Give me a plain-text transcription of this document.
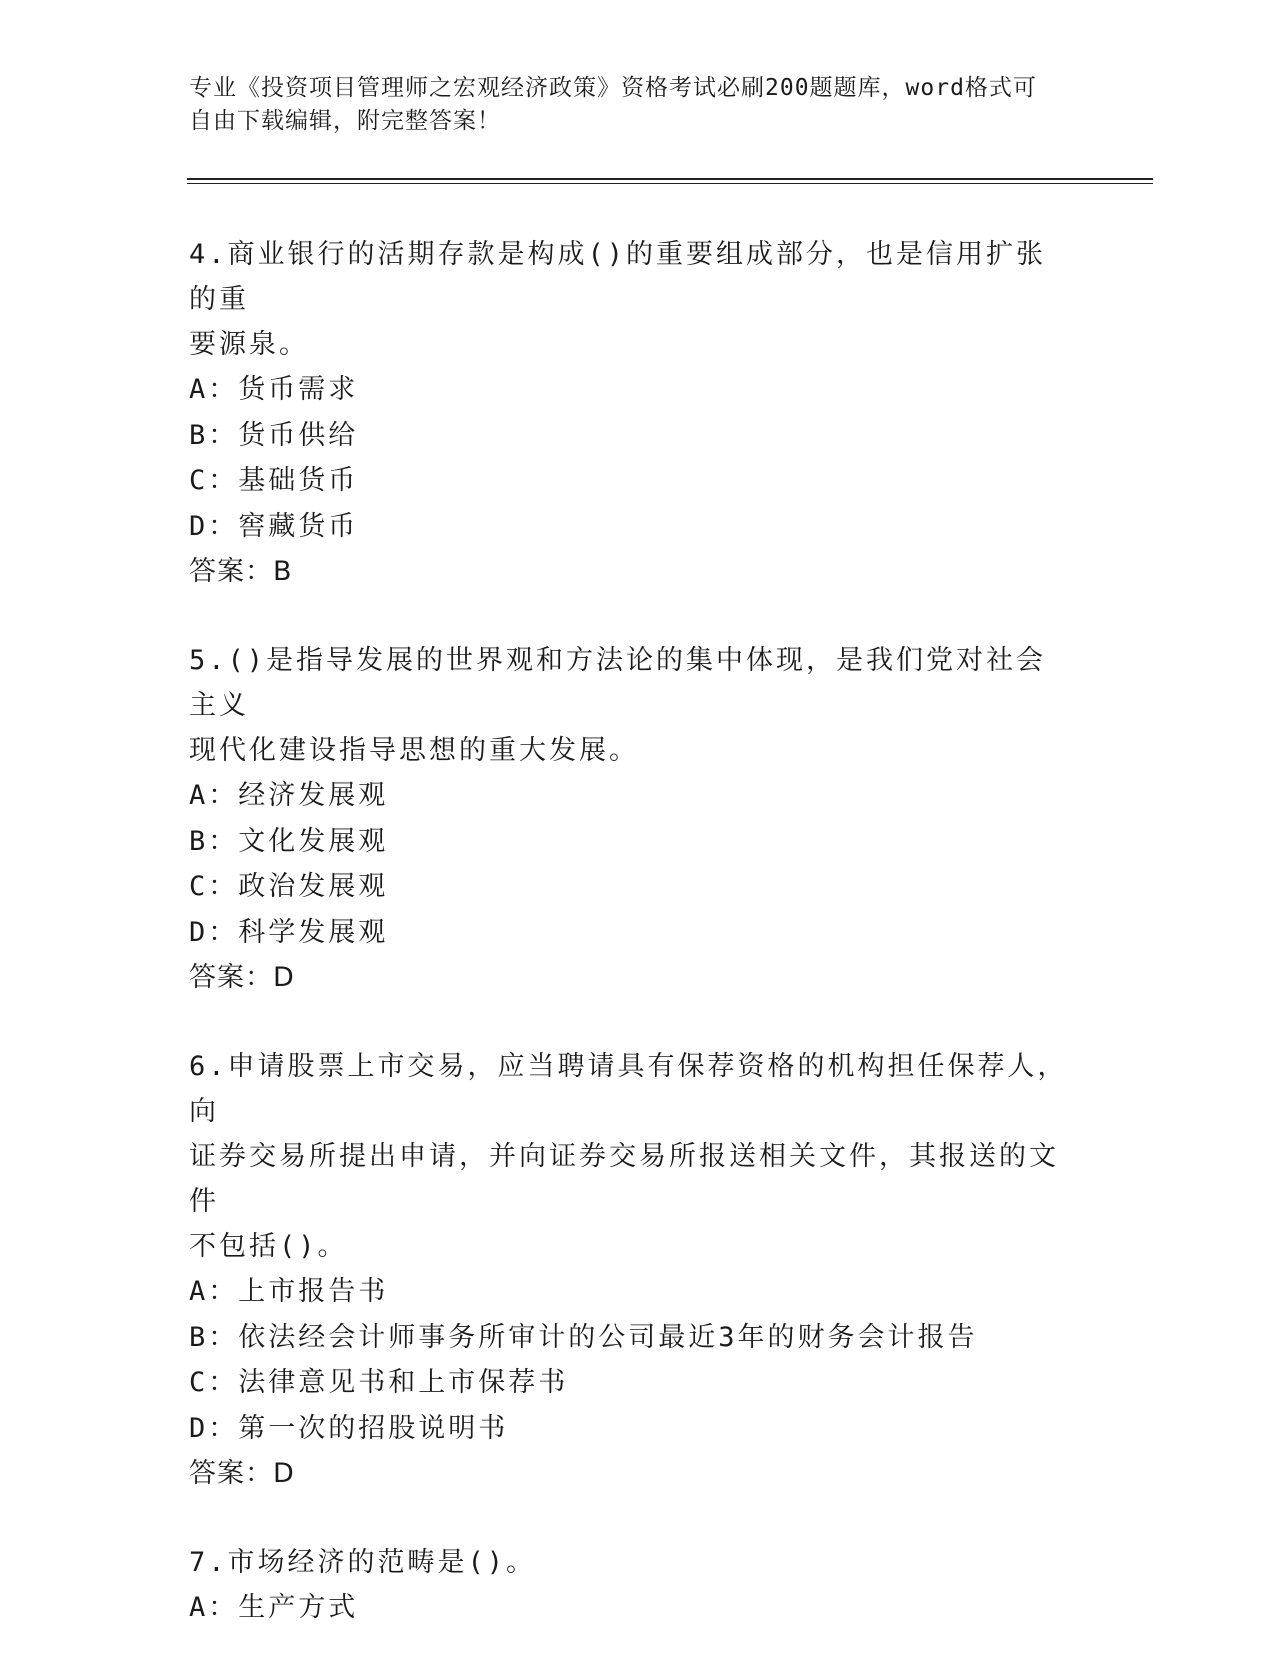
专业《投资项目管理师之宏观经济政策》资格考试必刷200题题库，word格式可
自由下载编辑，附完整答案！
4.商业银行的活期存款是构成()的重要组成部分，也是信用扩张的重
要源泉。
A：货币需求
B：货币供给
C：基础货币
D：窖藏货币
答案：B
5.()是指导发展的世界观和方法论的集中体现，是我们党对社会主义
现代化建设指导思想的重大发展。
A：经济发展观
B：文化发展观
C：政治发展观
D：科学发展观
答案：D
6.申请股票上市交易，应当聘请具有保荐资格的机构担任保荐人，向
证券交易所提出申请，并向证券交易所报送相关文件，其报送的文件
不包括()。
A：上市报告书
B：依法经会计师事务所审计的公司最近3年的财务会计报告
C：法律意见书和上市保荐书
D：第一次的招股说明书
答案：D
7.市场经济的范畴是()。
A：生产方式
